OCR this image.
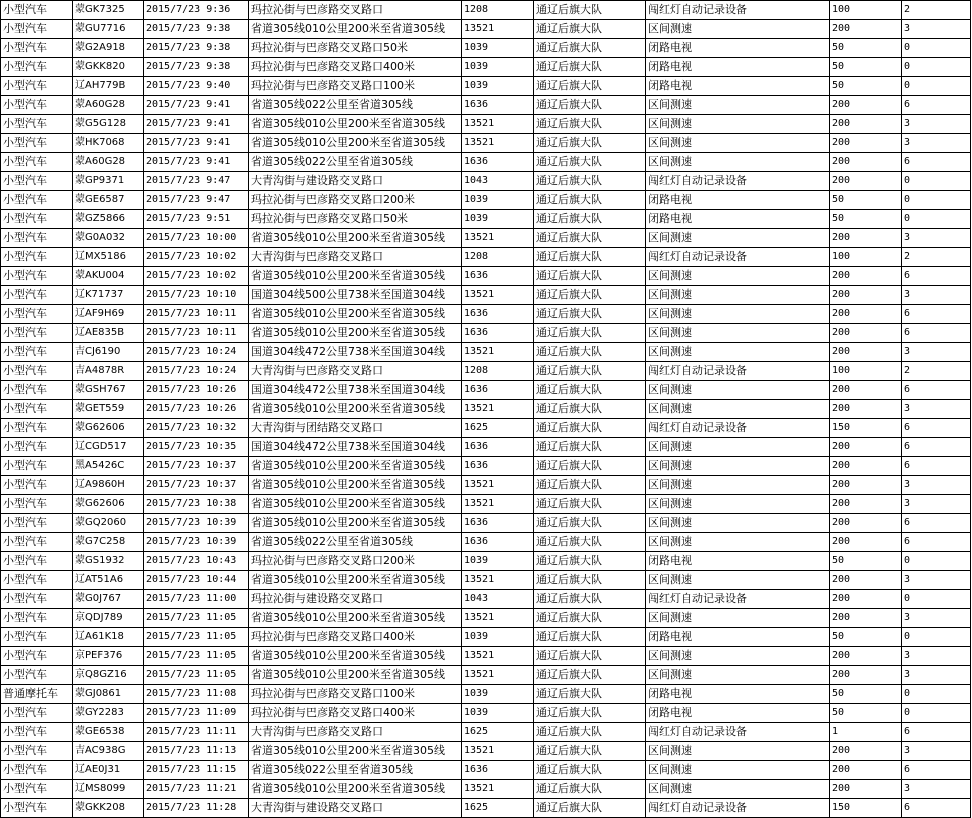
小型汽车	蒙GK7325	2015/7/23 9:36	玛拉沁街与巴彦路交叉路口	1208	通辽后旗大队	闯红灯自动记录设备	100	2
小型汽车	蒙GU7716	2015/7/23 9:38	省道305线010公里200米至省道305线	13521	通辽后旗大队	区间测速	200	3
小型汽车	蒙G2A918	2015/7/23 9:38	玛拉沁街与巴彦路交叉路口50米	1039	通辽后旗大队	闭路电视	50	0
小型汽车	蒙GKK820	2015/7/23 9:38	玛拉沁街与巴彦路交叉路口400米	1039	通辽后旗大队	闭路电视	50	0
小型汽车	辽AH779B	2015/7/23 9:40	玛拉沁街与巴彦路交叉路口100米	1039	通辽后旗大队	闭路电视	50	0
小型汽车	蒙A60G28	2015/7/23 9:41	省道305线022公里至省道305线	1636	通辽后旗大队	区间测速	200	6
小型汽车	蒙G5G128	2015/7/23 9:41	省道305线010公里200米至省道305线	13521	通辽后旗大队	区间测速	200	3
小型汽车	蒙HK7068	2015/7/23 9:41	省道305线010公里200米至省道305线	13521	通辽后旗大队	区间测速	200	3
小型汽车	蒙A60G28	2015/7/23 9:41	省道305线022公里至省道305线	1636	通辽后旗大队	区间测速	200	6
小型汽车	蒙GP9371	2015/7/23 9:47	大青沟街与建设路交叉路口	1043	通辽后旗大队	闯红灯自动记录设备	200	0
小型汽车	蒙GE6587	2015/7/23 9:47	玛拉沁街与巴彦路交叉路口200米	1039	通辽后旗大队	闭路电视	50	0
小型汽车	蒙GZ5866	2015/7/23 9:51	玛拉沁街与巴彦路交叉路口50米	1039	通辽后旗大队	闭路电视	50	0
小型汽车	蒙G0A032	2015/7/23 10:00	省道305线010公里200米至省道305线	13521	通辽后旗大队	区间测速	200	3
小型汽车	辽MX5186	2015/7/23 10:02	大青沟街与巴彦路交叉路口	1208	通辽后旗大队	闯红灯自动记录设备	100	2
小型汽车	蒙AKU004	2015/7/23 10:02	省道305线010公里200米至省道305线	1636	通辽后旗大队	区间测速	200	6
小型汽车	辽K71737	2015/7/23 10:10	国道304线500公里738米至国道304线	13521	通辽后旗大队	区间测速	200	3
小型汽车	辽AF9H69	2015/7/23 10:11	省道305线010公里200米至省道305线	1636	通辽后旗大队	区间测速	200	6
小型汽车	辽AE835B	2015/7/23 10:11	省道305线010公里200米至省道305线	1636	通辽后旗大队	区间测速	200	6
小型汽车	吉CJ6190	2015/7/23 10:24	国道304线472公里738米至国道304线	13521	通辽后旗大队	区间测速	200	3
小型汽车	吉A4878R	2015/7/23 10:24	大青沟街与巴彦路交叉路口	1208	通辽后旗大队	闯红灯自动记录设备	100	2
小型汽车	蒙GSH767	2015/7/23 10:26	国道304线472公里738米至国道304线	1636	通辽后旗大队	区间测速	200	6
小型汽车	蒙GET559	2015/7/23 10:26	省道305线010公里200米至省道305线	13521	通辽后旗大队	区间测速	200	3
小型汽车	蒙G62606	2015/7/23 10:32	大青沟街与团结路交叉路口	1625	通辽后旗大队	闯红灯自动记录设备	150	6
小型汽车	辽CGD517	2015/7/23 10:35	国道304线472公里738米至国道304线	1636	通辽后旗大队	区间测速	200	6
小型汽车	黑A5426C	2015/7/23 10:37	省道305线010公里200米至省道305线	1636	通辽后旗大队	区间测速	200	6
小型汽车	辽A9860H	2015/7/23 10:37	省道305线010公里200米至省道305线	13521	通辽后旗大队	区间测速	200	3
小型汽车	蒙G62606	2015/7/23 10:38	省道305线010公里200米至省道305线	13521	通辽后旗大队	区间测速	200	3
小型汽车	蒙GQ2060	2015/7/23 10:39	省道305线010公里200米至省道305线	1636	通辽后旗大队	区间测速	200	6
小型汽车	蒙G7C258	2015/7/23 10:39	省道305线022公里至省道305线	1636	通辽后旗大队	区间测速	200	6
小型汽车	蒙GS1932	2015/7/23 10:43	玛拉沁街与巴彦路交叉路口200米	1039	通辽后旗大队	闭路电视	50	0
小型汽车	辽AT51A6	2015/7/23 10:44	省道305线010公里200米至省道305线	13521	通辽后旗大队	区间测速	200	3
小型汽车	蒙G0J767	2015/7/23 11:00	玛拉沁街与建设路交叉路口	1043	通辽后旗大队	闯红灯自动记录设备	200	0
小型汽车	京QDJ789	2015/7/23 11:05	省道305线010公里200米至省道305线	13521	通辽后旗大队	区间测速	200	3
小型汽车	辽A61K18	2015/7/23 11:05	玛拉沁街与巴彦路交叉路口400米	1039	通辽后旗大队	闭路电视	50	0
小型汽车	京PEF376	2015/7/23 11:05	省道305线010公里200米至省道305线	13521	通辽后旗大队	区间测速	200	3
小型汽车	京Q8GZ16	2015/7/23 11:05	省道305线010公里200米至省道305线	13521	通辽后旗大队	区间测速	200	3
普通摩托车	蒙GJ0861	2015/7/23 11:08	玛拉沁街与巴彦路交叉路口100米	1039	通辽后旗大队	闭路电视	50	0
小型汽车	蒙GY2283	2015/7/23 11:09	玛拉沁街与巴彦路交叉路口400米	1039	通辽后旗大队	闭路电视	50	0
小型汽车	蒙GE6538	2015/7/23 11:11	大青沟街与巴彦路交叉路口	1625	通辽后旗大队	闯红灯自动记录设备	1	6
小型汽车	吉AC938G	2015/7/23 11:13	省道305线010公里200米至省道305线	13521	通辽后旗大队	区间测速	200	3
小型汽车	辽AE0J31	2015/7/23 11:15	省道305线022公里至省道305线	1636	通辽后旗大队	区间测速	200	6
小型汽车	辽MS8099	2015/7/23 11:21	省道305线010公里200米至省道305线	13521	通辽后旗大队	区间测速	200	3
小型汽车	蒙GKK208	2015/7/23 11:28	大青沟街与建设路交叉路口	1625	通辽后旗大队	闯红灯自动记录设备	150	6
